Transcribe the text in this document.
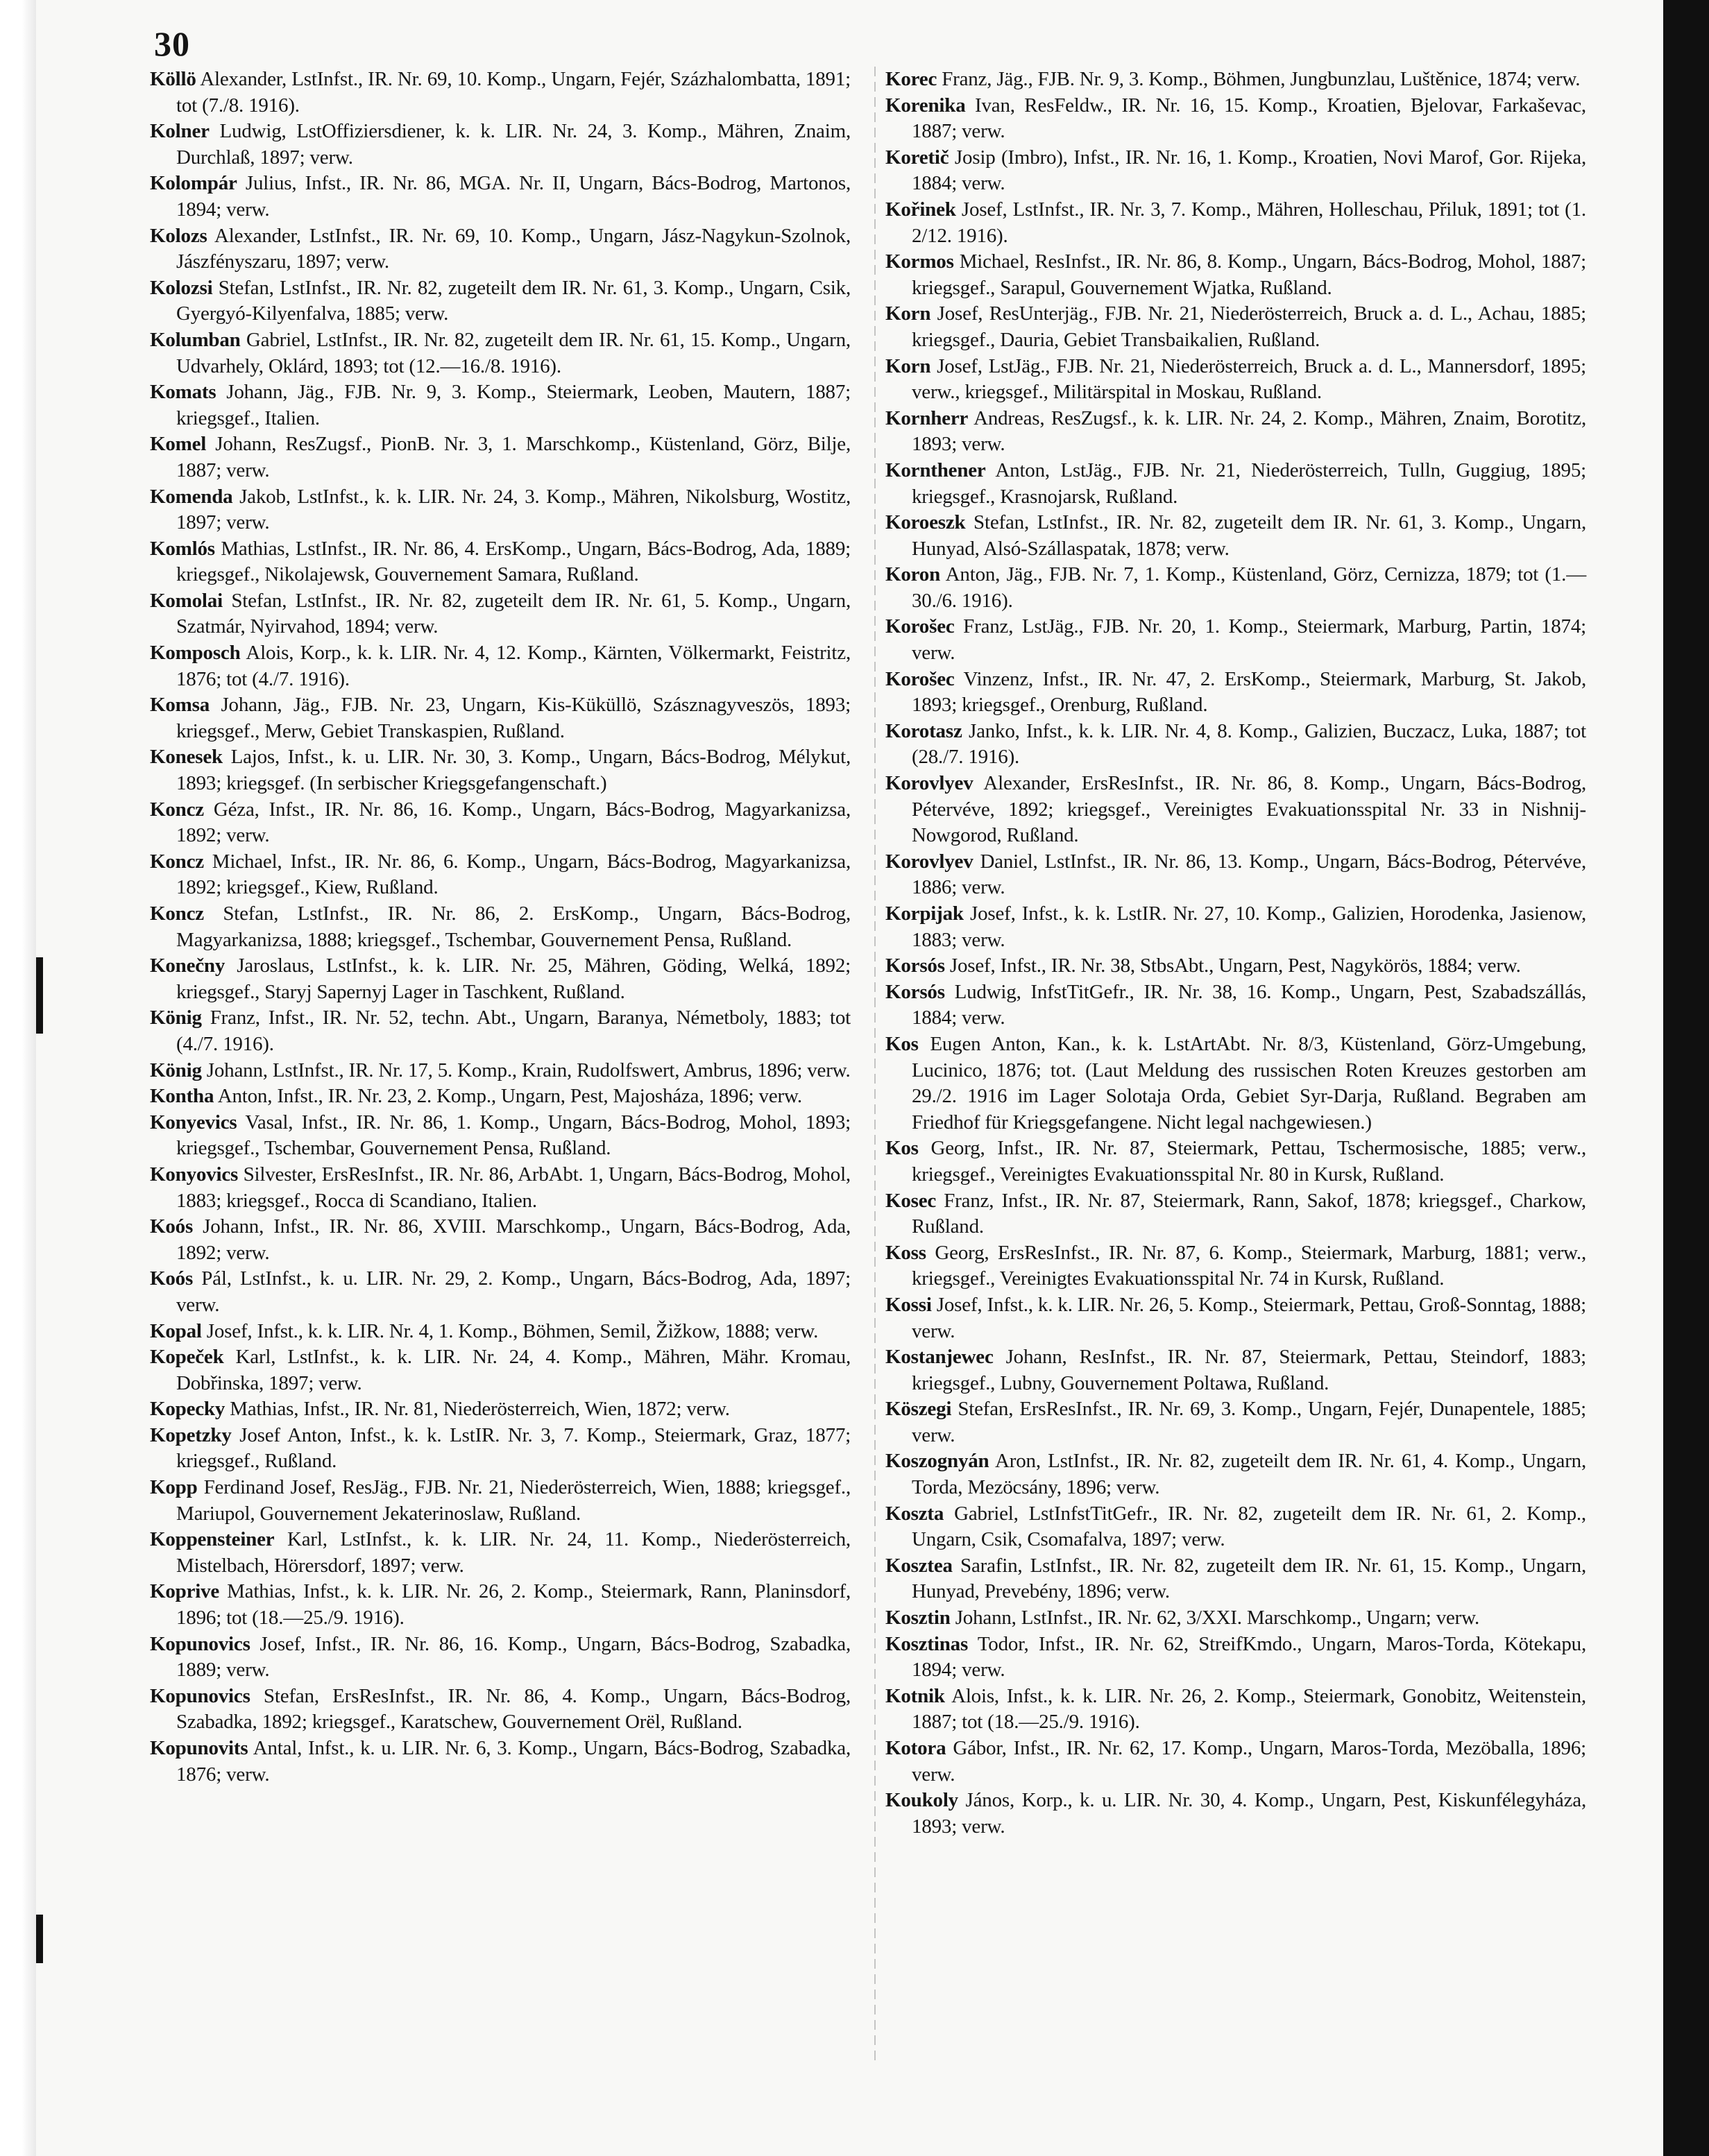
30

Köllö Alexander, LstInfst., IR. Nr. 69, 10. Komp., Ungarn, Fejér, Százhalombatta, 1891; tot (7./8. 1916).

Kolner Ludwig, LstOffiziersdiener, k. k. LIR. Nr. 24, 3. Komp., Mähren, Znaim, Durchlaß, 1897; verw.

Kolompár Julius, Infst., IR. Nr. 86, MGA. Nr. II, Ungarn, Bács-Bodrog, Martonos, 1894; verw.

Kolozs Alexander, LstInfst., IR. Nr. 69, 10. Komp., Ungarn, Jász-Nagykun-Szolnok, Jászfényszaru, 1897; verw.

Kolozsi Stefan, LstInfst., IR. Nr. 82, zugeteilt dem IR. Nr. 61, 3. Komp., Ungarn, Csik, Gyergyó-Kilyenfalva, 1885; verw.

Kolumban Gabriel, LstInfst., IR. Nr. 82, zugeteilt dem IR. Nr. 61, 15. Komp., Ungarn, Udvarhely, Oklárd, 1893; tot (12.—16./8. 1916).

Komats Johann, Jäg., FJB. Nr. 9, 3. Komp., Steiermark, Leoben, Mautern, 1887; kriegsgef., Italien.

Komel Johann, ResZugsf., PionB. Nr. 3, 1. Marschkomp., Küstenland, Görz, Bilje, 1887; verw.

Komenda Jakob, LstInfst., k. k. LIR. Nr. 24, 3. Komp., Mähren, Nikolsburg, Wostitz, 1897; verw.

Komlós Mathias, LstInfst., IR. Nr. 86, 4. ErsKomp., Ungarn, Bács-Bodrog, Ada, 1889; kriegsgef., Nikolajewsk, Gouvernement Samara, Rußland.

Komolai Stefan, LstInfst., IR. Nr. 82, zugeteilt dem IR. Nr. 61, 5. Komp., Ungarn, Szatmár, Nyirvahod, 1894; verw.

Komposch Alois, Korp., k. k. LIR. Nr. 4, 12. Komp., Kärnten, Völkermarkt, Feistritz, 1876; tot (4./7. 1916).

Komsa Johann, Jäg., FJB. Nr. 23, Ungarn, Kis-Küküllö, Szásznagyveszös, 1893; kriegsgef., Merw, Gebiet Transkaspien, Rußland.

Konesek Lajos, Infst., k. u. LIR. Nr. 30, 3. Komp., Ungarn, Bács-Bodrog, Mélykut, 1893; kriegsgef. (In serbischer Kriegsgefangenschaft.)

Koncz Géza, Infst., IR. Nr. 86, 16. Komp., Ungarn, Bács-Bodrog, Magyarkanizsa, 1892; verw.

Koncz Michael, Infst., IR. Nr. 86, 6. Komp., Ungarn, Bács-Bodrog, Magyarkanizsa, 1892; kriegsgef., Kiew, Rußland.

Koncz Stefan, LstInfst., IR. Nr. 86, 2. ErsKomp., Ungarn, Bács-Bodrog, Magyarkanizsa, 1888; kriegsgef., Tschembar, Gouvernement Pensa, Rußland.

Konečny Jaroslaus, LstInfst., k. k. LIR. Nr. 25, Mähren, Göding, Welká, 1892; kriegsgef., Staryj Sapernyj Lager in Taschkent, Rußland.

König Franz, Infst., IR. Nr. 52, techn. Abt., Ungarn, Baranya, Németboly, 1883; tot (4./7. 1916).

König Johann, LstInfst., IR. Nr. 17, 5. Komp., Krain, Rudolfswert, Ambrus, 1896; verw.

Kontha Anton, Infst., IR. Nr. 23, 2. Komp., Ungarn, Pest, Majosháza, 1896; verw.

Konyevics Vasal, Infst., IR. Nr. 86, 1. Komp., Ungarn, Bács-Bodrog, Mohol, 1893; kriegsgef., Tschembar, Gouvernement Pensa, Rußland.

Konyovics Silvester, ErsResInfst., IR. Nr. 86, ArbAbt. 1, Ungarn, Bács-Bodrog, Mohol, 1883; kriegsgef., Rocca di Scandiano, Italien.

Koós Johann, Infst., IR. Nr. 86, XVIII. Marschkomp., Ungarn, Bács-Bodrog, Ada, 1892; verw.

Koós Pál, LstInfst., k. u. LIR. Nr. 29, 2. Komp., Ungarn, Bács-Bodrog, Ada, 1897; verw.

Kopal Josef, Infst., k. k. LIR. Nr. 4, 1. Komp., Böhmen, Semil, Žižkow, 1888; verw.

Kopeček Karl, LstInfst., k. k. LIR. Nr. 24, 4. Komp., Mähren, Mähr. Kromau, Dobřinska, 1897; verw.

Kopecky Mathias, Infst., IR. Nr. 81, Niederösterreich, Wien, 1872; verw.

Kopetzky Josef Anton, Infst., k. k. LstIR. Nr. 3, 7. Komp., Steiermark, Graz, 1877; kriegsgef., Rußland.

Kopp Ferdinand Josef, ResJäg., FJB. Nr. 21, Niederösterreich, Wien, 1888; kriegsgef., Mariupol, Gouvernement Jekaterinoslaw, Rußland.

Koppensteiner Karl, LstInfst., k. k. LIR. Nr. 24, 11. Komp., Niederösterreich, Mistelbach, Hörersdorf, 1897; verw.

Koprive Mathias, Infst., k. k. LIR. Nr. 26, 2. Komp., Steiermark, Rann, Planinsdorf, 1896; tot (18.—25./9. 1916).

Kopunovics Josef, Infst., IR. Nr. 86, 16. Komp., Ungarn, Bács-Bodrog, Szabadka, 1889; verw.

Kopunovics Stefan, ErsResInfst., IR. Nr. 86, 4. Komp., Ungarn, Bács-Bodrog, Szabadka, 1892; kriegsgef., Karatschew, Gouvernement Orël, Rußland.

Kopunovits Antal, Infst., k. u. LIR. Nr. 6, 3. Komp., Ungarn, Bács-Bodrog, Szabadka, 1876; verw.

Korec Franz, Jäg., FJB. Nr. 9, 3. Komp., Böhmen, Jungbunzlau, Luštěnice, 1874; verw.

Korenika Ivan, ResFeldw., IR. Nr. 16, 15. Komp., Kroatien, Bjelovar, Farkaševac, 1887; verw.

Koretič Josip (Imbro), Infst., IR. Nr. 16, 1. Komp., Kroatien, Novi Marof, Gor. Rijeka, 1884; verw.

Kořinek Josef, LstInfst., IR. Nr. 3, 7. Komp., Mähren, Holleschau, Přiluk, 1891; tot (1. 2/12. 1916).

Kormos Michael, ResInfst., IR. Nr. 86, 8. Komp., Ungarn, Bács-Bodrog, Mohol, 1887; kriegsgef., Sarapul, Gouvernement Wjatka, Rußland.

Korn Josef, ResUnterjäg., FJB. Nr. 21, Niederösterreich, Bruck a. d. L., Achau, 1885; kriegsgef., Dauria, Gebiet Transbaikalien, Rußland.

Korn Josef, LstJäg., FJB. Nr. 21, Niederösterreich, Bruck a. d. L., Mannersdorf, 1895; verw., kriegsgef., Militärspital in Moskau, Rußland.

Kornherr Andreas, ResZugsf., k. k. LIR. Nr. 24, 2. Komp., Mähren, Znaim, Borotitz, 1893; verw.

Kornthener Anton, LstJäg., FJB. Nr. 21, Niederösterreich, Tulln, Guggiug, 1895; kriegsgef., Krasnojarsk, Rußland.

Koroeszk Stefan, LstInfst., IR. Nr. 82, zugeteilt dem IR. Nr. 61, 3. Komp., Ungarn, Hunyad, Alsó-Szállaspatak, 1878; verw.

Koron Anton, Jäg., FJB. Nr. 7, 1. Komp., Küstenland, Görz, Cernizza, 1879; tot (1.—30./6. 1916).

Korošec Franz, LstJäg., FJB. Nr. 20, 1. Komp., Steiermark, Marburg, Partin, 1874; verw.

Korošec Vinzenz, Infst., IR. Nr. 47, 2. ErsKomp., Steiermark, Marburg, St. Jakob, 1893; kriegsgef., Orenburg, Rußland.

Korotasz Janko, Infst., k. k. LIR. Nr. 4, 8. Komp., Galizien, Buczacz, Luka, 1887; tot (28./7. 1916).

Korovlyev Alexander, ErsResInfst., IR. Nr. 86, 8. Komp., Ungarn, Bács-Bodrog, Pétervéve, 1892; kriegsgef., Vereinigtes Evakuationsspital Nr. 33 in Nishnij-Nowgorod, Rußland.

Korovlyev Daniel, LstInfst., IR. Nr. 86, 13. Komp., Ungarn, Bács-Bodrog, Pétervéve, 1886; verw.

Korpijak Josef, Infst., k. k. LstIR. Nr. 27, 10. Komp., Galizien, Horodenka, Jasienow, 1883; verw.

Korsós Josef, Infst., IR. Nr. 38, StbsAbt., Ungarn, Pest, Nagykörös, 1884; verw.

Korsós Ludwig, InfstTitGefr., IR. Nr. 38, 16. Komp., Ungarn, Pest, Szabadszállás, 1884; verw.

Kos Eugen Anton, Kan., k. k. LstArtAbt. Nr. 8/3, Küstenland, Görz-Umgebung, Lucinico, 1876; tot. (Laut Meldung des russischen Roten Kreuzes gestorben am 29./2. 1916 im Lager Solotaja Orda, Gebiet Syr-Darja, Rußland. Begraben am Friedhof für Kriegsgefangene. Nicht legal nachgewiesen.)

Kos Georg, Infst., IR. Nr. 87, Steiermark, Pettau, Tschermosische, 1885; verw., kriegsgef., Vereinigtes Evakuationsspital Nr. 80 in Kursk, Rußland.

Kosec Franz, Infst., IR. Nr. 87, Steiermark, Rann, Sakof, 1878; kriegsgef., Charkow, Rußland.

Koss Georg, ErsResInfst., IR. Nr. 87, 6. Komp., Steiermark, Marburg, 1881; verw., kriegsgef., Vereinigtes Evakuationsspital Nr. 74 in Kursk, Rußland.

Kossi Josef, Infst., k. k. LIR. Nr. 26, 5. Komp., Steiermark, Pettau, Groß-Sonntag, 1888; verw.

Kostanjewec Johann, ResInfst., IR. Nr. 87, Steiermark, Pettau, Steindorf, 1883; kriegsgef., Lubny, Gouvernement Poltawa, Rußland.

Köszegi Stefan, ErsResInfst., IR. Nr. 69, 3. Komp., Ungarn, Fejér, Dunapentele, 1885; verw.

Koszognyán Aron, LstInfst., IR. Nr. 82, zugeteilt dem IR. Nr. 61, 4. Komp., Ungarn, Torda, Mezöcsány, 1896; verw.

Koszta Gabriel, LstInfstTitGefr., IR. Nr. 82, zugeteilt dem IR. Nr. 61, 2. Komp., Ungarn, Csik, Csomafalva, 1897; verw.

Kosztea Sarafin, LstInfst., IR. Nr. 82, zugeteilt dem IR. Nr. 61, 15. Komp., Ungarn, Hunyad, Prevebény, 1896; verw.

Kosztin Johann, LstInfst., IR. Nr. 62, 3/XXI. Marschkomp., Ungarn; verw.

Kosztinas Todor, Infst., IR. Nr. 62, StreifKmdo., Ungarn, Maros-Torda, Kötekapu, 1894; verw.

Kotnik Alois, Infst., k. k. LIR. Nr. 26, 2. Komp., Steiermark, Gonobitz, Weitenstein, 1887; tot (18.—25./9. 1916).

Kotora Gábor, Infst., IR. Nr. 62, 17. Komp., Ungarn, Maros-Torda, Mezöballa, 1896; verw.

Koukoly János, Korp., k. u. LIR. Nr. 30, 4. Komp., Ungarn, Pest, Kiskunfélegyháza, 1893; verw.
